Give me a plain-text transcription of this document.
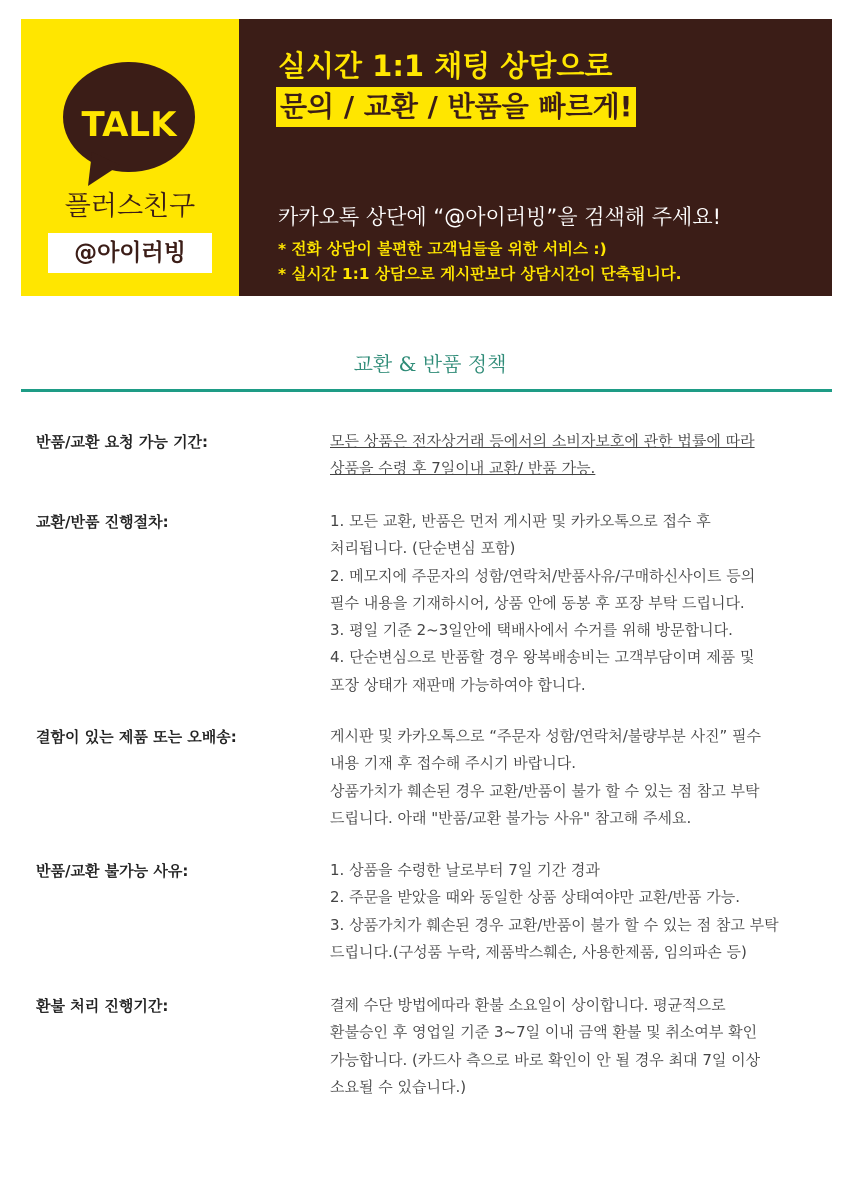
TALK
플러스친구
@아이러빙
실시간 1:1 채팅 상담으로
문의 / 교환 / 반품을 빠르게!
카카오톡 상단에 “@아이러빙”을 검색해 주세요!
* 전화 상담이 불편한 고객님들을 위한 서비스 :)
* 실시간 1:1 상담으로 게시판보다 상담시간이 단축됩니다.
교환 & 반품 정책
반품/교환 요청 가능 기간:	모든 상품은 전자상거래 등에서의 소비자보호에 관한 법률에 따라
상품을 수령 후 7일이내 교환/ 반품 가능.
교환/반품 진행절차:	1. 모든 교환, 반품은 먼저 게시판 및 카카오톡으로 접수 후
처리됩니다. (단순변심 포함)
2. 메모지에 주문자의 성함/연락처/반품사유/구매하신사이트 등의
필수 내용을 기재하시어, 상품 안에 동봉 후 포장 부탁 드립니다.
3. 평일 기준 2~3일안에 택배사에서 수거를 위해 방문합니다.
4. 단순변심으로 반품할 경우 왕복배송비는 고객부담이며 제품 및
포장 상태가 재판매 가능하여야 합니다.
결함이 있는 제품 또는 오배송:	게시판 및 카카오톡으로 “주문자 성함/연락처/불량부분 사진” 필수
내용 기재 후 접수해 주시기 바랍니다.
상품가치가 훼손된 경우 교환/반품이 불가 할 수 있는 점 참고 부탁
드립니다. 아래 "반품/교환 불가능 사유" 참고해 주세요.
반품/교환 불가능 사유:	1. 상품을 수령한 날로부터 7일 기간 경과
2. 주문을 받았을 때와 동일한 상품 상태여야만 교환/반품 가능.
3. 상품가치가 훼손된 경우 교환/반품이 불가 할 수 있는 점 참고 부탁
드립니다.(구성품 누락, 제품박스훼손, 사용한제품, 임의파손 등)
환불 처리 진행기간:	결제 수단 방법에따라 환불 소요일이 상이합니다. 평균적으로
환불승인 후 영업일 기준 3~7일 이내 금액 환불 및 취소여부 확인
가능합니다. (카드사 측으로 바로 확인이 안 될 경우 최대 7일 이상
소요될 수 있습니다.)
